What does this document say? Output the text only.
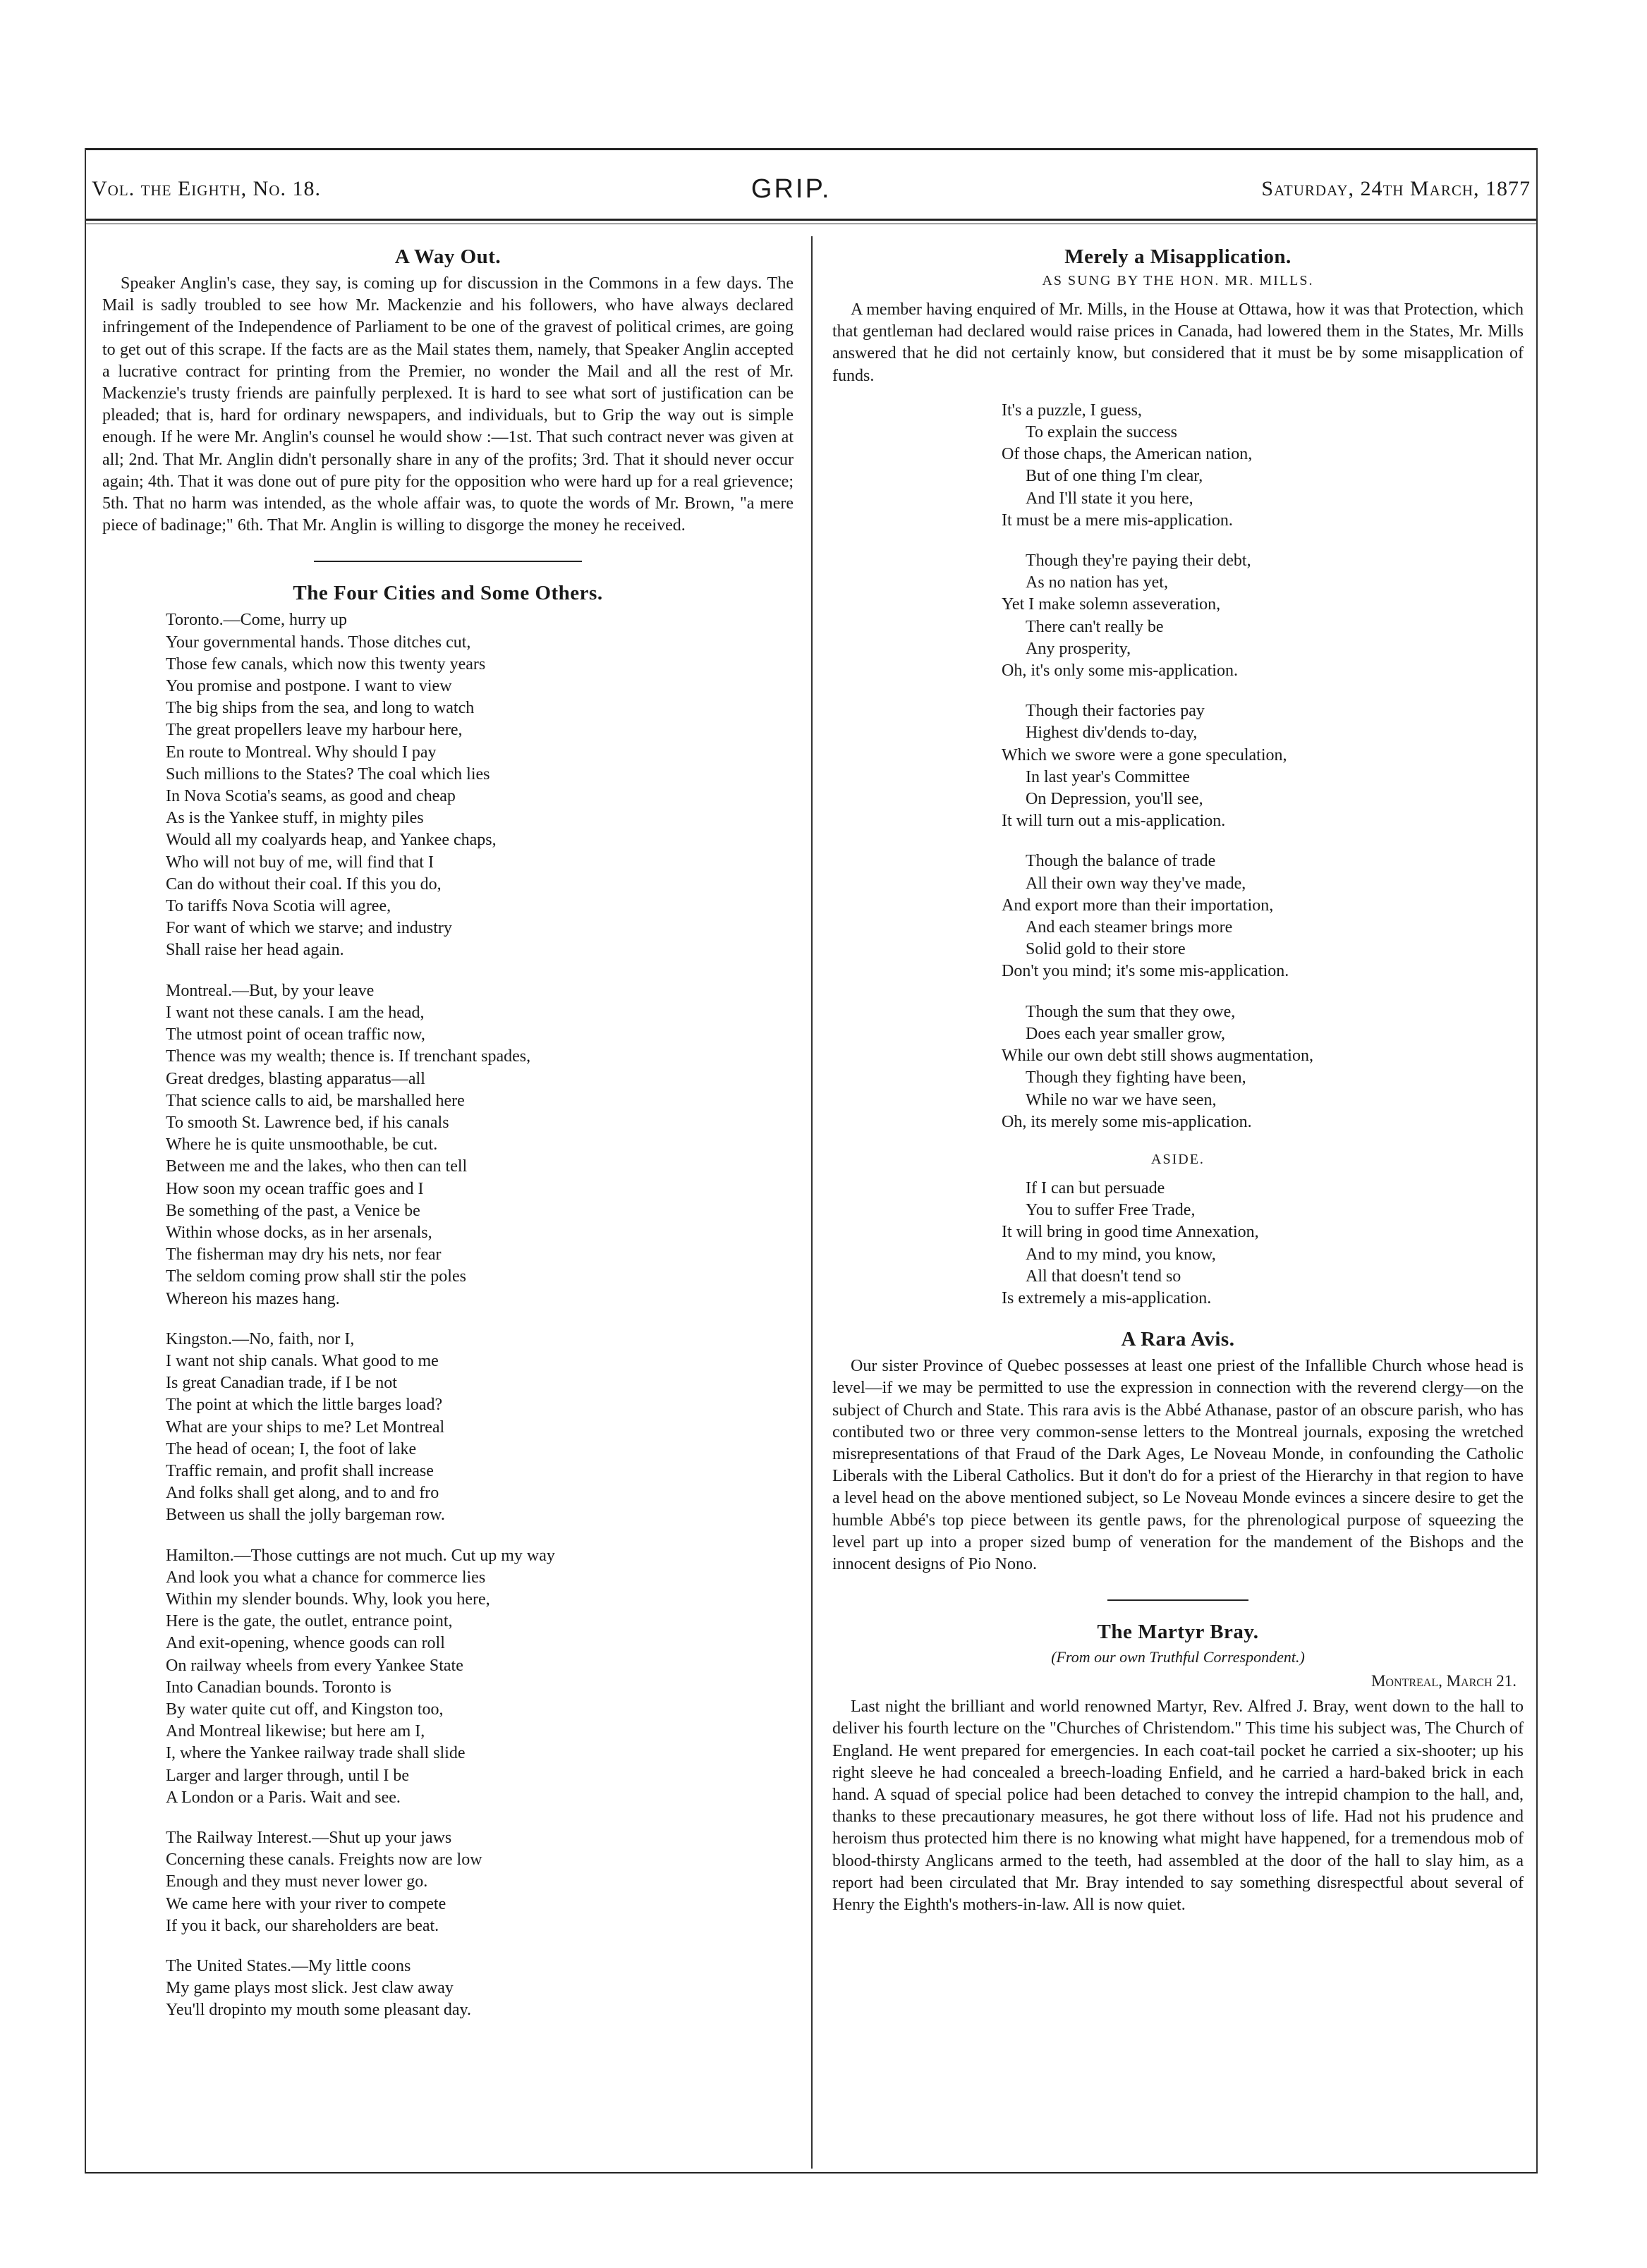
Vol. the Eighth, No. 18.	GRIP.	Saturday, 24th March, 1877
A Way Out.

Speaker Anglin's case, they say, is coming up for discussion in the Commons in a few days. The Mail is sadly troubled to see how Mr. Mackenzie and his followers, who have always declared infringement of the Independence of Parliament to be one of the gravest of political crimes, are going to get out of this scrape. If the facts are as the Mail states them, namely, that Speaker Anglin accepted a lucrative contract for printing from the Premier, no wonder the Mail and all the rest of Mr. Mackenzie's trusty friends are painfully perplexed. It is hard to see what sort of justification can be pleaded; that is, hard for ordinary newspapers, and individuals, but to Grip the way out is simple enough. If he were Mr. Anglin's counsel he would show :—1st. That such contract never was given at all; 2nd. That Mr. Anglin didn't personally share in any of the profits; 3rd. That it should never occur again; 4th. That it was done out of pure pity for the opposition who were hard up for a real grievence; 5th. That no harm was intended, as the whole affair was, to quote the words of Mr. Brown, "a mere piece of badinage;" 6th. That Mr. Anglin is willing to disgorge the money he received.

The Four Cities and Some Others.
Toronto.—Come, hurry up
Your governmental hands. Those ditches cut,
Those few canals, which now this twenty years
You promise and postpone. I want to view
The big ships from the sea, and long to watch
The great propellers leave my harbour here,
En route to Montreal. Why should I pay
Such millions to the States? The coal which lies
In Nova Scotia's seams, as good and cheap
As is the Yankee stuff, in mighty piles
Would all my coalyards heap, and Yankee chaps,
Who will not buy of me, will find that I
Can do without their coal. If this you do,
To tariffs Nova Scotia will agree,
For want of which we starve; and industry
Shall raise her head again.
Montreal.—But, by your leave
I want not these canals. I am the head,
The utmost point of ocean traffic now,
Thence was my wealth; thence is. If trenchant spades,
Great dredges, blasting apparatus—all
That science calls to aid, be marshalled here
To smooth St. Lawrence bed, if his canals
Where he is quite unsmoothable, be cut.
Between me and the lakes, who then can tell
How soon my ocean traffic goes and I
Be something of the past, a Venice be
Within whose docks, as in her arsenals,
The fisherman may dry his nets, nor fear
The seldom coming prow shall stir the poles
Whereon his mazes hang.
Kingston.—No, faith, nor I,
I want not ship canals. What good to me
Is great Canadian trade, if I be not
The point at which the little barges load?
What are your ships to me? Let Montreal
The head of ocean; I, the foot of lake
Traffic remain, and profit shall increase
And folks shall get along, and to and fro
Between us shall the jolly bargeman row.
Hamilton.—Those cuttings are not much. Cut up my way
And look you what a chance for commerce lies
Within my slender bounds. Why, look you here,
Here is the gate, the outlet, entrance point,
And exit-opening, whence goods can roll
On railway wheels from every Yankee State
Into Canadian bounds. Toronto is
By water quite cut off, and Kingston too,
And Montreal likewise; but here am I,
I, where the Yankee railway trade shall slide
Larger and larger through, until I be
A London or a Paris. Wait and see.
The Railway Interest.—Shut up your jaws
Concerning these canals. Freights now are low
Enough and they must never lower go.
We came here with your river to compete
If you it back, our shareholders are beat.
The United States.—My little coons
My game plays most slick. Jest claw away
Yeu'll dropinto my mouth some pleasant day.
Merely a Misapplication.
AS SUNG BY THE HON. MR. MILLS.

A member having enquired of Mr. Mills, in the House at Ottawa, how it was that Protection, which that gentleman had declared would raise prices in Canada, had lowered them in the States, Mr. Mills answered that he did not certainly know, but considered that it must be by some misapplication of funds.

It's a puzzle, I guess,
To explain the success
Of those chaps, the American nation,
But of one thing I'm clear,
And I'll state it you here,
It must be a mere mis-application.
Though they're paying their debt,
As no nation has yet,
Yet I make solemn asseveration,
There can't really be
Any prosperity,
Oh, it's only some mis-application.
Though their factories pay
Highest div'dends to-day,
Which we swore were a gone speculation,
In last year's Committee
On Depression, you'll see,
It will turn out a mis-application.
Though the balance of trade
All their own way they've made,
And export more than their importation,
And each steamer brings more
Solid gold to their store
Don't you mind; it's some mis-application.
Though the sum that they owe,
Does each year smaller grow,
While our own debt still shows augmentation,
Though they fighting have been,
While no war we have seen,
Oh, its merely some mis-application.
ASIDE.
If I can but persuade
You to suffer Free Trade,
It will bring in good time Annexation,
And to my mind, you know,
All that doesn't tend so
Is extremely a mis-application.
A Rara Avis.

Our sister Province of Quebec possesses at least one priest of the Infallible Church whose head is level—if we may be permitted to use the expression in connection with the reverend clergy—on the subject of Church and State. This rara avis is the Abbé Athanase, pastor of an obscure parish, who has contibuted two or three very common-sense letters to the Montreal journals, exposing the wretched misrepresentations of that Fraud of the Dark Ages, Le Noveau Monde, in confounding the Catholic Liberals with the Liberal Catholics. But it don't do for a priest of the Hierarchy in that region to have a level head on the above mentioned subject, so Le Noveau Monde evinces a sincere desire to get the humble Abbé's top piece between its gentle paws, for the phrenological purpose of squeezing the level part up into a proper sized bump of veneration for the mandement of the Bishops and the innocent designs of Pio Nono.

The Martyr Bray.
(From our own Truthful Correspondent.)
Montreal, March 21.

Last night the brilliant and world renowned Martyr, Rev. Alfred J. Bray, went down to the hall to deliver his fourth lecture on the "Churches of Christendom." This time his subject was, The Church of England. He went prepared for emergencies. In each coat-tail pocket he carried a six-shooter; up his right sleeve he had concealed a breech-loading Enfield, and he carried a hard-baked brick in each hand. A squad of special police had been detached to convey the intrepid champion to the hall, and, thanks to these precautionary measures, he got there without loss of life. Had not his prudence and heroism thus protected him there is no knowing what might have happened, for a tremendous mob of blood-thirsty Anglicans armed to the teeth, had assembled at the door of the hall to slay him, as a report had been circulated that Mr. Bray intended to say something disrespectful about several of Henry the Eighth's mothers-in-law. All is now quiet.
